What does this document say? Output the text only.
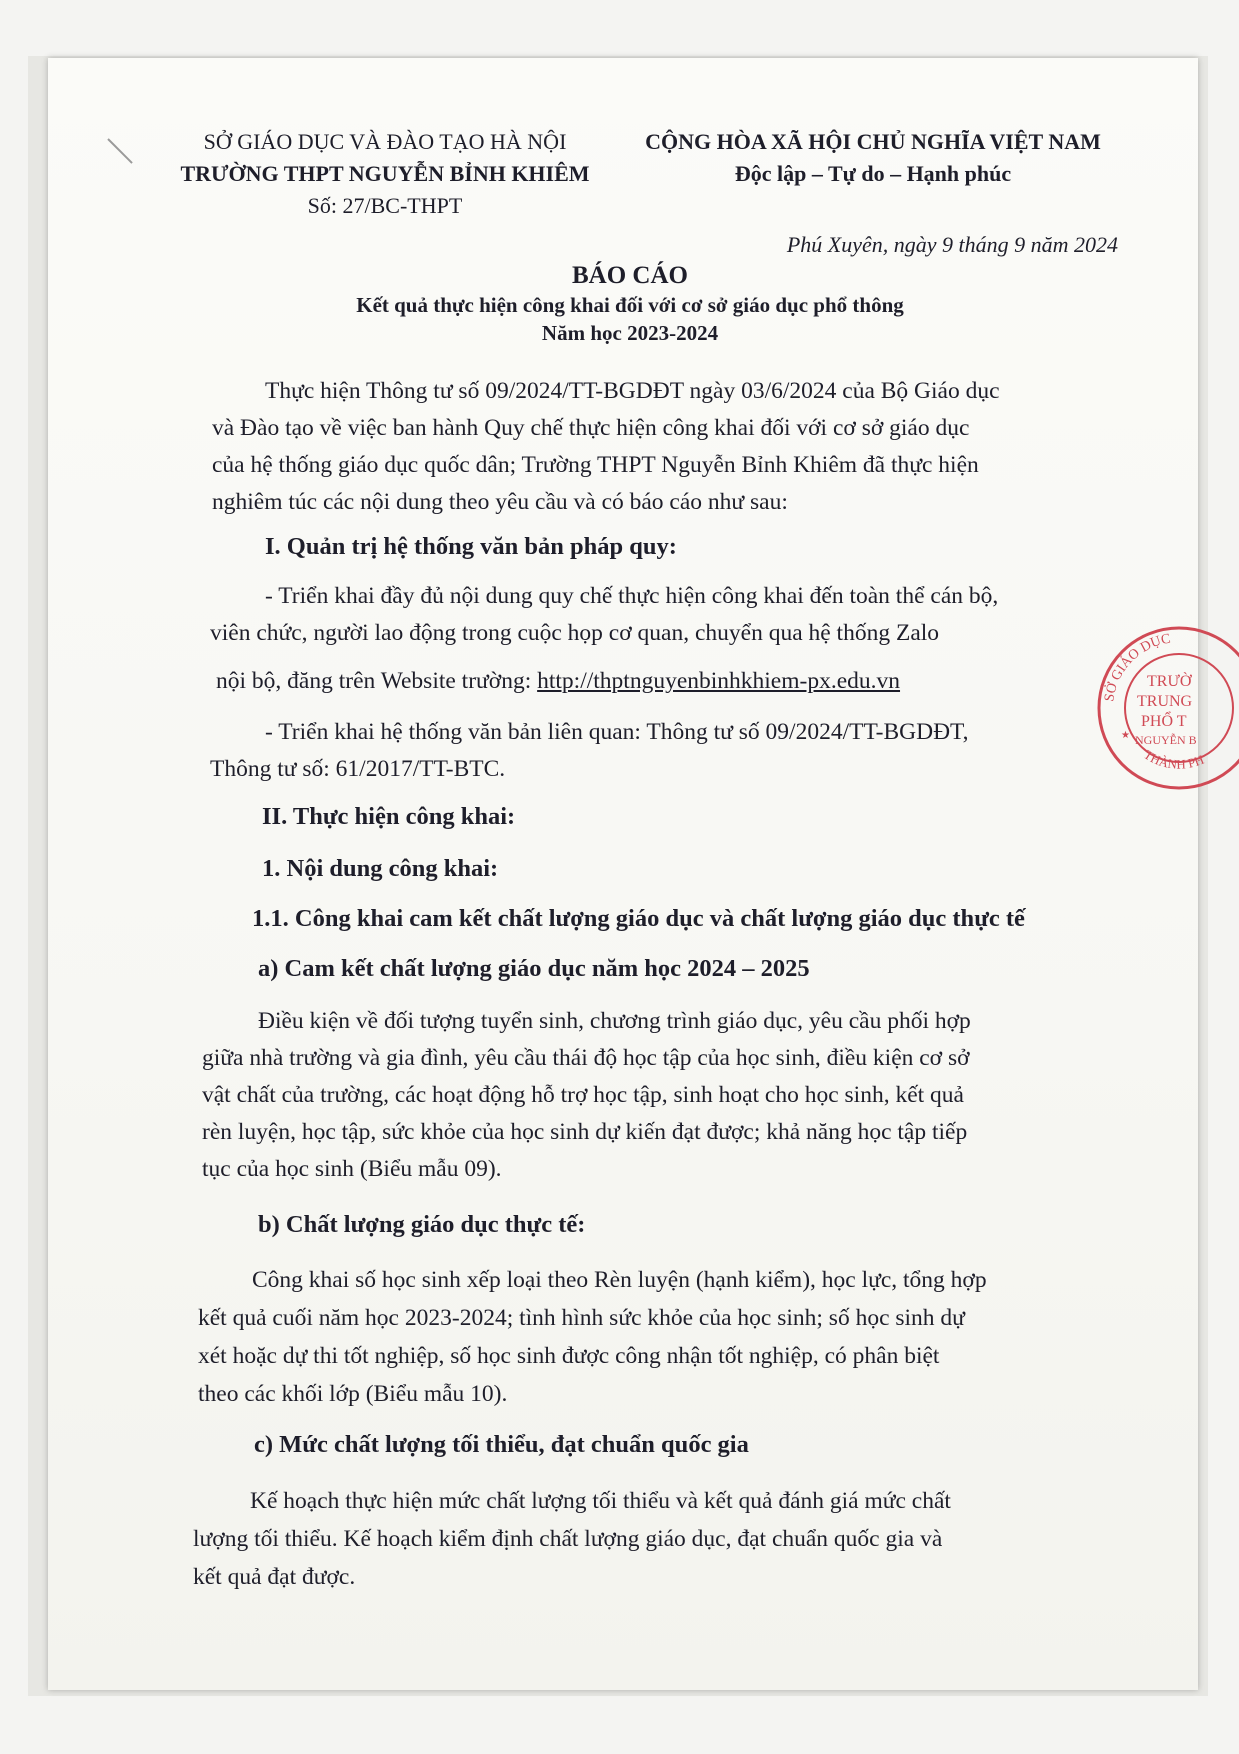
SỞ GIÁO DỤC VÀ ĐÀO TẠO HÀ NỘI
TRƯỜNG THPT NGUYỄN BỈNH KHIÊM
Số: 27/BC-THPT
CỘNG HÒA XÃ HỘI CHỦ NGHĨA VIỆT NAM
Độc lập – Tự do – Hạnh phúc
Phú Xuyên, ngày 9 tháng 9 năm 2024
BÁO CÁO
Kết quả thực hiện công khai đối với cơ sở giáo dục phổ thông
Năm học 2023-2024
Thực hiện Thông tư số 09/2024/TT-BGDĐT ngày 03/6/2024 của Bộ Giáo dục
và Đào tạo về việc ban hành Quy chế thực hiện công khai đối với cơ sở giáo dục
của hệ thống giáo dục quốc dân; Trường THPT Nguyễn Bỉnh Khiêm đã thực hiện
nghiêm túc các nội dung theo yêu cầu và có báo cáo như sau:
I. Quản trị hệ thống văn bản pháp quy:
- Triển khai đầy đủ nội dung quy chế thực hiện công khai đến toàn thể cán bộ,
viên chức, người lao động trong cuộc họp cơ quan, chuyển qua hệ thống Zalo
nội bộ, đăng trên Website trường: http://thptnguyenbinhkhiem-px.edu.vn
- Triển khai hệ thống văn bản liên quan: Thông tư số 09/2024/TT-BGDĐT,
Thông tư số: 61/2017/TT-BTC.
II. Thực hiện công khai:
1. Nội dung công khai:
1.1. Công khai cam kết chất lượng giáo dục và chất lượng giáo dục thực tế
a) Cam kết chất lượng giáo dục năm học 2024 – 2025
Điều kiện về đối tượng tuyển sinh, chương trình giáo dục, yêu cầu phối hợp
giữa nhà trường và gia đình, yêu cầu thái độ học tập của học sinh, điều kiện cơ sở
vật chất của trường, các hoạt động hỗ trợ học tập, sinh hoạt cho học sinh, kết quả
rèn luyện, học tập, sức khỏe của học sinh dự kiến đạt được; khả năng học tập tiếp
tục của học sinh (Biểu mẫu 09).
b) Chất lượng giáo dục thực tế:
Công khai số học sinh xếp loại theo Rèn luyện (hạnh kiểm), học lực, tổng hợp
kết quả cuối năm học 2023-2024; tình hình sức khỏe của học sinh; số học sinh dự
xét hoặc dự thi tốt nghiệp, số học sinh được công nhận tốt nghiệp, có phân biệt
theo các khối lớp (Biểu mẫu 10).
c) Mức chất lượng tối thiểu, đạt chuẩn quốc gia
Kế hoạch thực hiện mức chất lượng tối thiểu và kết quả đánh giá mức chất
lượng tối thiểu. Kế hoạch kiểm định chất lượng giáo dục, đạt chuẩn quốc gia và
kết quả đạt được.
SỞ GIÁO DỤC
THÀNH PH
TRƯỜ
TRUNG
PHỔ T
NGUYỄN B
★
